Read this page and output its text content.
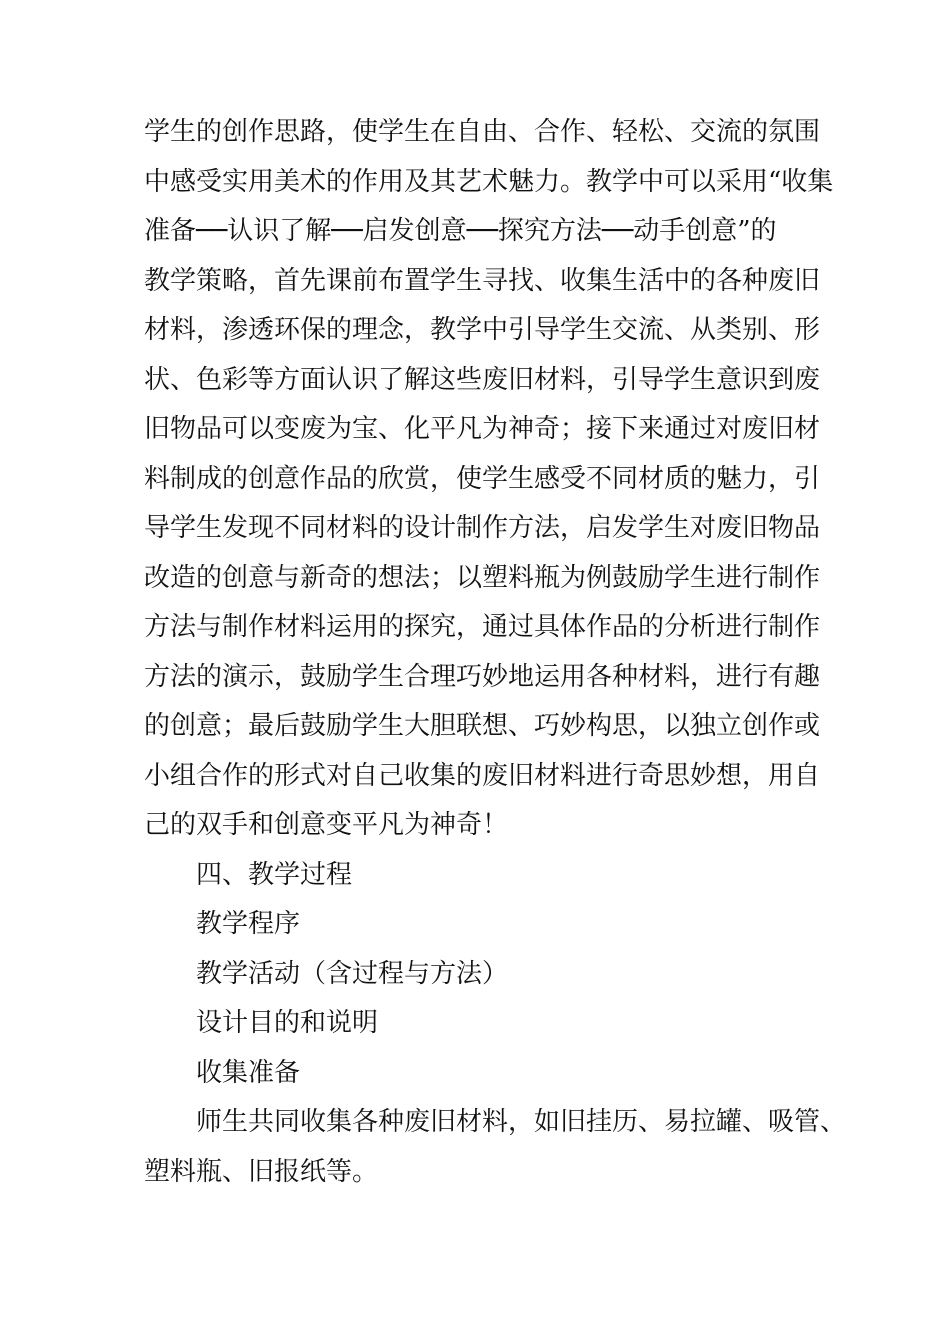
学生的创作思路，使学生在自由、合作、轻松、交流的氛围
中感受实用美术的作用及其艺术魅力。教学中可以采用“收集
准备──认识了解──启发创意──探究方法──动手创意”的
教学策略，首先课前布置学生寻找、收集生活中的各种废旧
材料，渗透环保的理念，教学中引导学生交流、从类别、形
状、色彩等方面认识了解这些废旧材料，引导学生意识到废
旧物品可以变废为宝、化平凡为神奇；接下来通过对废旧材
料制成的创意作品的欣赏，使学生感受不同材质的魅力，引
导学生发现不同材料的设计制作方法，启发学生对废旧物品
改造的创意与新奇的想法；以塑料瓶为例鼓励学生进行制作
方法与制作材料运用的探究，通过具体作品的分析进行制作
方法的演示，鼓励学生合理巧妙地运用各种材料，进行有趣
的创意；最后鼓励学生大胆联想、巧妙构思，以独立创作或
小组合作的形式对自己收集的废旧材料进行奇思妙想，用自
己的双手和创意变平凡为神奇！
四、教学过程
教学程序
教学活动（含过程与方法）
设计目的和说明
收集准备
师生共同收集各种废旧材料，如旧挂历、易拉罐、吸管、
塑料瓶、旧报纸等。
